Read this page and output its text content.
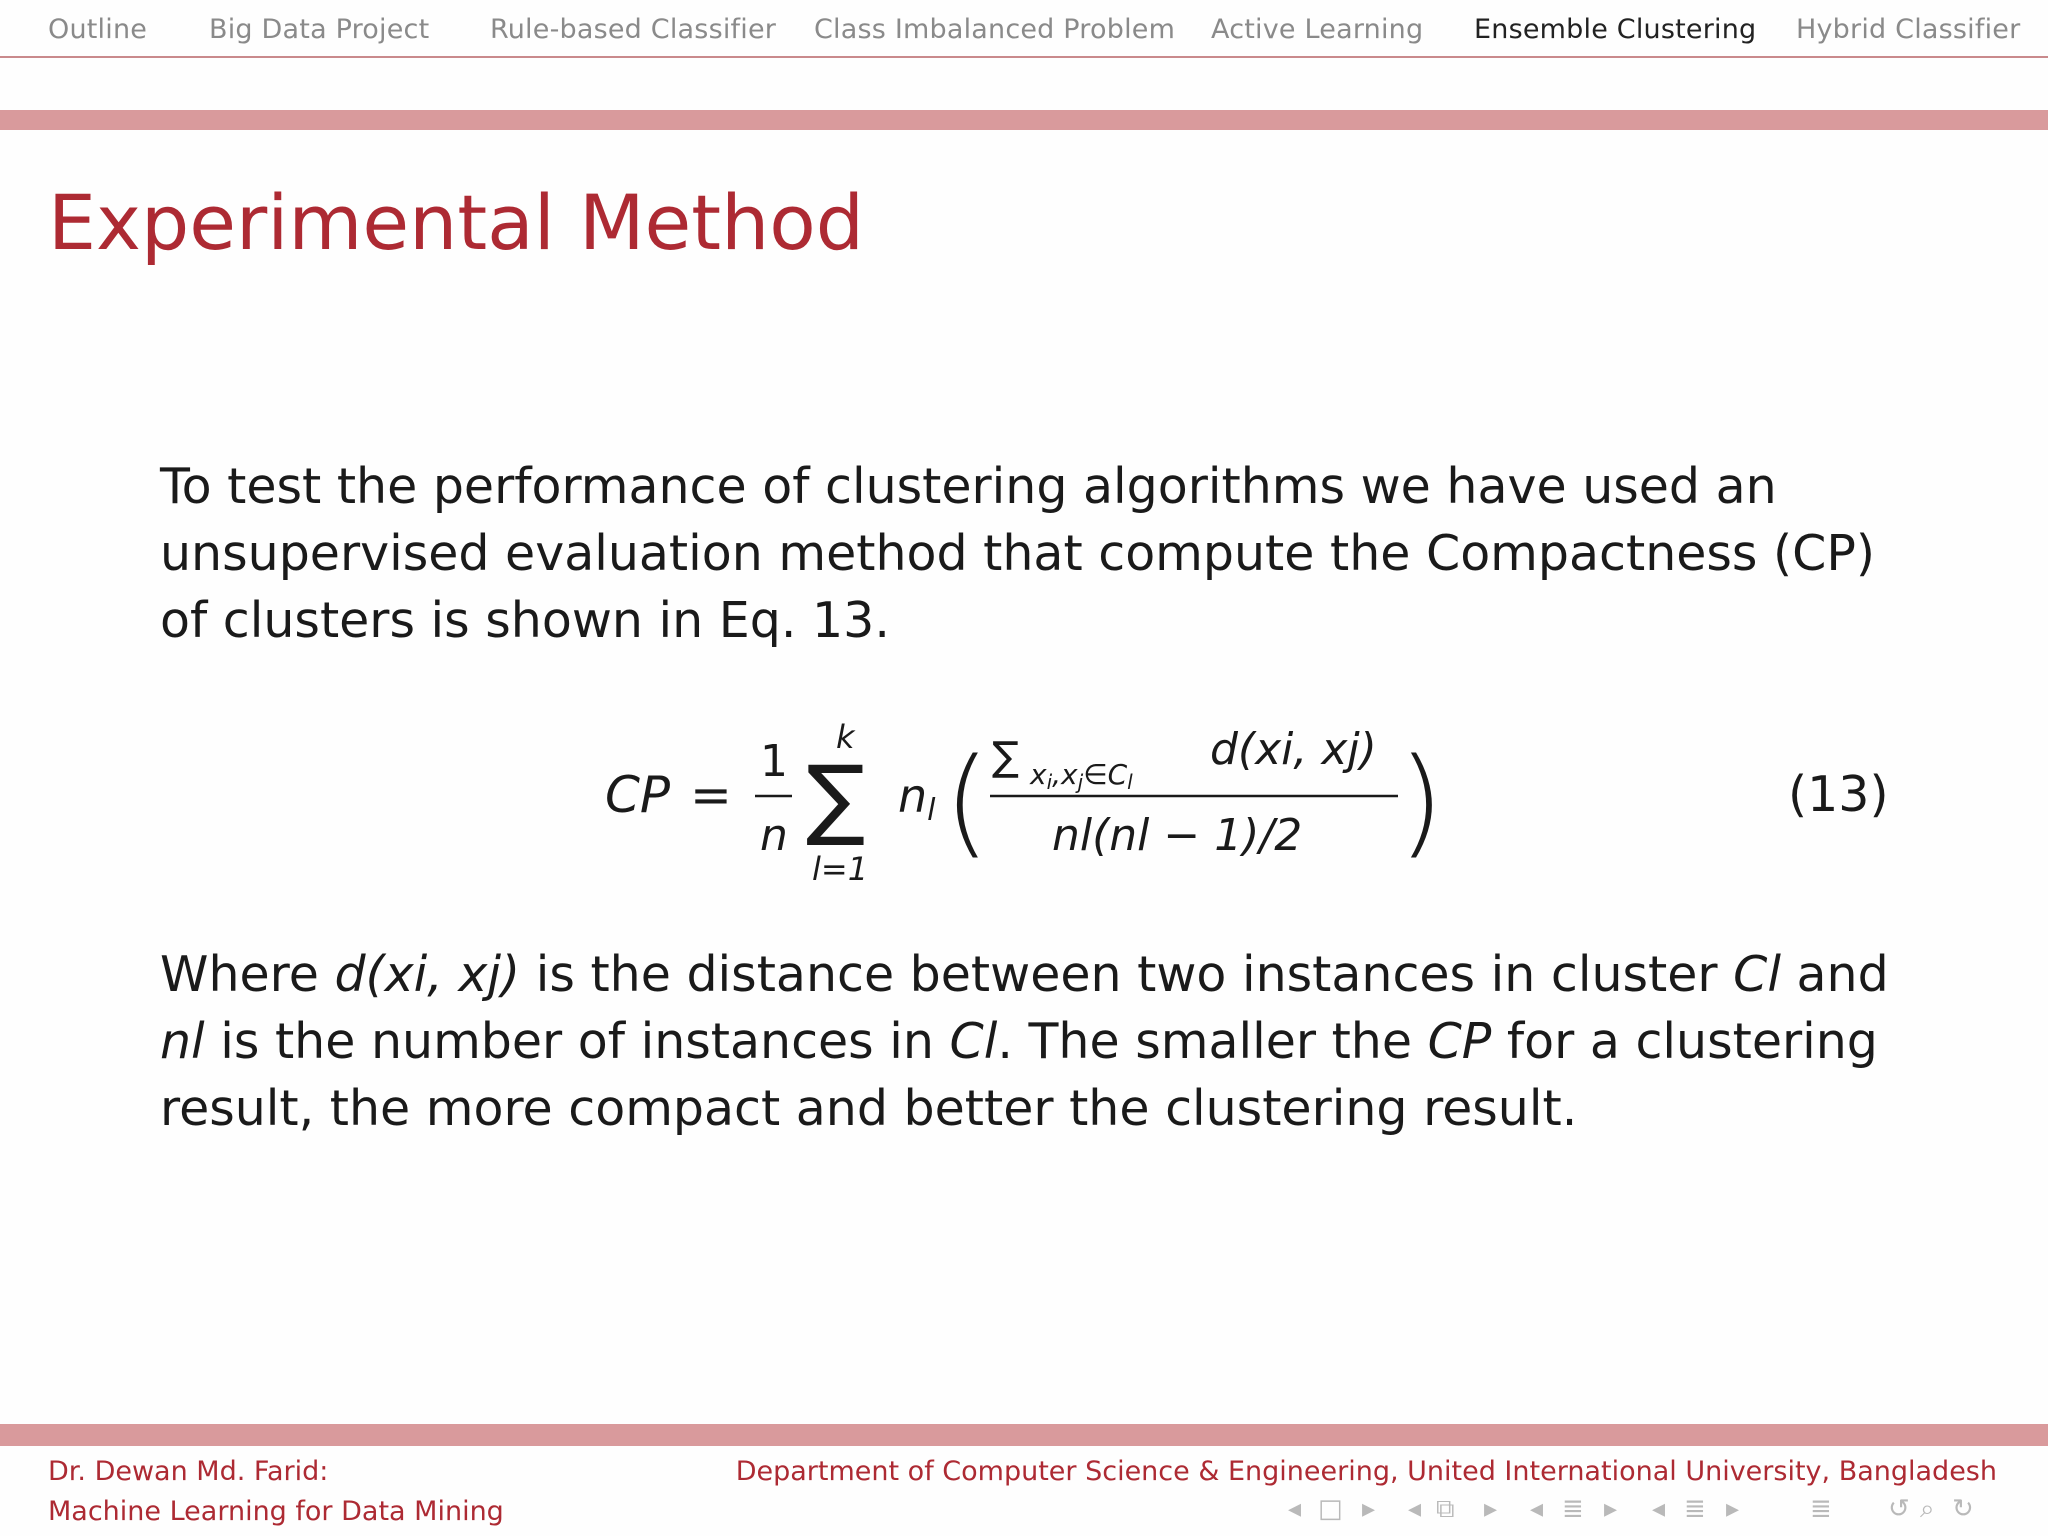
Outline Big Data Project Rule-based Classifier Class Imbalanced Problem Active Learning Ensemble Clustering Hybrid Classifier
Experimental Method
To test the performance of clustering algorithms we have used an unsupervised evaluation method that compute the Compactness (CP) of clusters is shown in Eq. 13.
CP =
1
n
k
∑
l=1
nl ( ∑ xi,xj∈Cl
d(xi, xj)
nl(nl − 1)/2 )	(13)
Where d(xi, xj) is the distance between two instances in cluster Cl and nl is the number of instances in Cl. The smaller the CP for a clustering result, the more compact and better the clustering result.
Dr. Dewan Md. Farid:
Machine Learning for Data Mining
Department of Computer Science & Engineering, United International University, Bangladesh
◂ □ ▸ ◂ ⧉ ▸ ◂ ≣ ▸ ◂ ≣ ▸	≣ ↺ ⌕ ↻
